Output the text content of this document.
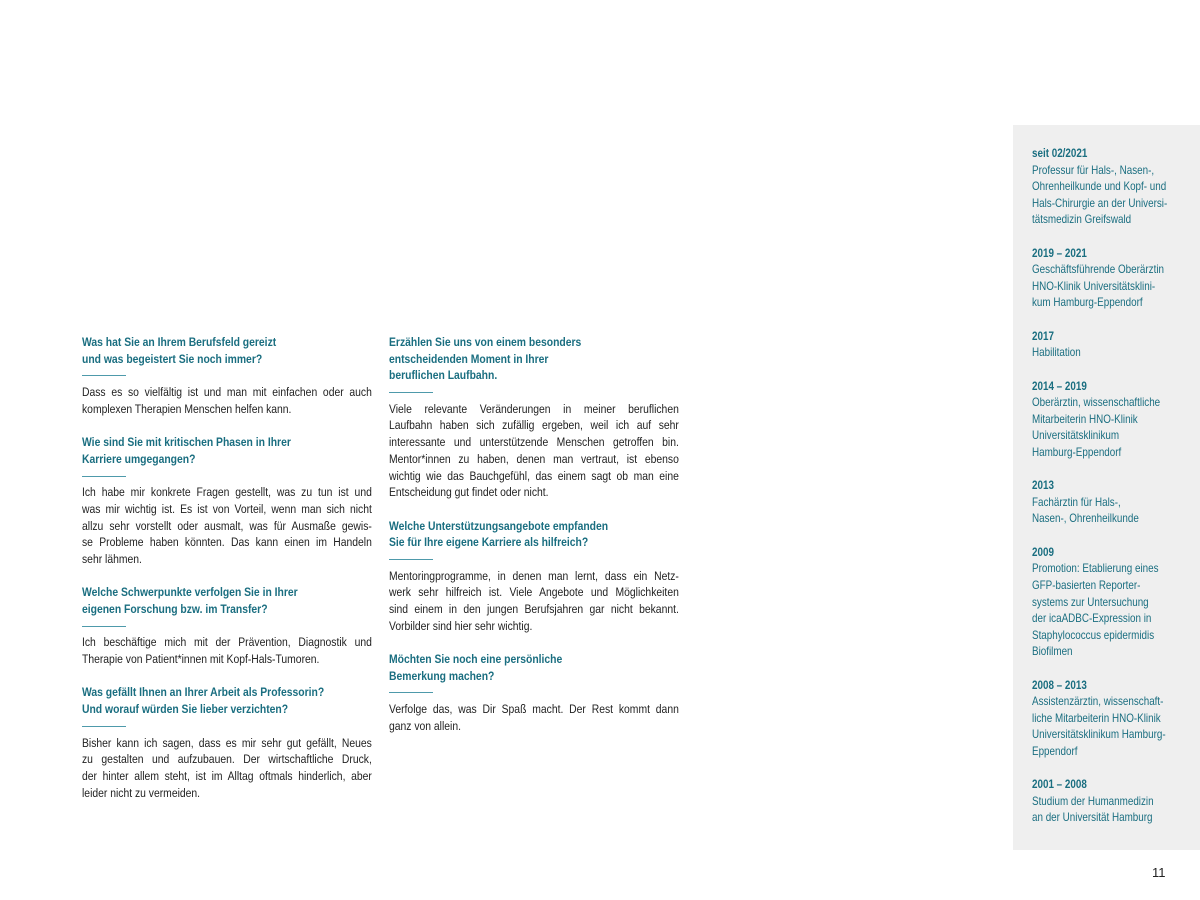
Was hat Sie an Ihrem Berufsfeld gereizt
und was begeistert Sie noch immer?
Dass es so vielfältig ist und man mit einfachen oder auch
komplexen Therapien Menschen helfen kann.
Wie sind Sie mit kritischen Phasen in Ihrer
Karriere umgegangen?
Ich habe mir konkrete Fragen gestellt, was zu tun ist und
was mir wichtig ist. Es ist von Vorteil, wenn man sich nicht
allzu sehr vorstellt oder ausmalt, was für Ausmaße gewis-
se Probleme haben könnten. Das kann einen im Handeln
sehr lähmen.
Welche Schwerpunkte verfolgen Sie in Ihrer
eigenen Forschung bzw. im Transfer?
Ich beschäftige mich mit der Prävention, Diagnostik und
Therapie von Patient*innen mit Kopf-Hals-Tumoren.
Was gefällt Ihnen an Ihrer Arbeit als Professorin?
Und worauf würden Sie lieber verzichten?
Bisher kann ich sagen, dass es mir sehr gut gefällt, Neues
zu gestalten und aufzubauen. Der wirtschaftliche Druck,
der hinter allem steht, ist im Alltag oftmals hinderlich, aber
leider nicht zu vermeiden.
Erzählen Sie uns von einem besonders
entscheidenden Moment in Ihrer
beruflichen Laufbahn.
Viele relevante Veränderungen in meiner beruflichen
Laufbahn haben sich zufällig ergeben, weil ich auf sehr
interessante und unterstützende Menschen getroffen bin.
Mentor*innen zu haben, denen man vertraut, ist ebenso
wichtig wie das Bauchgefühl, das einem sagt ob man eine
Entscheidung gut findet oder nicht.
Welche Unterstützungsangebote empfanden
Sie für Ihre eigene Karriere als hilfreich?
Mentoringprogramme, in denen man lernt, dass ein Netz-
werk sehr hilfreich ist. Viele Angebote und Möglichkeiten
sind einem in den jungen Berufsjahren gar nicht bekannt.
Vorbilder sind hier sehr wichtig.
Möchten Sie noch eine persönliche
Bemerkung machen?
Verfolge das, was Dir Spaß macht. Der Rest kommt dann
ganz von allein.
seit 02/2021
Professur für Hals-, Nasen-,
Ohrenheilkunde und Kopf- und
Hals-Chirurgie an der Universi-
tätsmedizin Greifswald
2019 – 2021
Geschäftsführende Oberärztin
HNO-Klinik Universitätsklini-
kum Hamburg-Eppendorf
2017
Habilitation
2014 – 2019
Oberärztin, wissenschaftliche
Mitarbeiterin HNO-Klinik
Universitätsklinikum
Hamburg-Eppendorf
2013
Fachärztin für Hals-,
Nasen-, Ohrenheilkunde
2009
Promotion: Etablierung eines
GFP-basierten Reporter-
systems zur Untersuchung
der icaADBC-Expression in
Staphylococcus epidermidis
Biofilmen
2008 – 2013
Assistenzärztin, wissenschaft-
liche Mitarbeiterin HNO-Klinik
Universitätsklinikum Hamburg-
Eppendorf
2001 – 2008
Studium der Humanmedizin
an der Universität Hamburg
11
